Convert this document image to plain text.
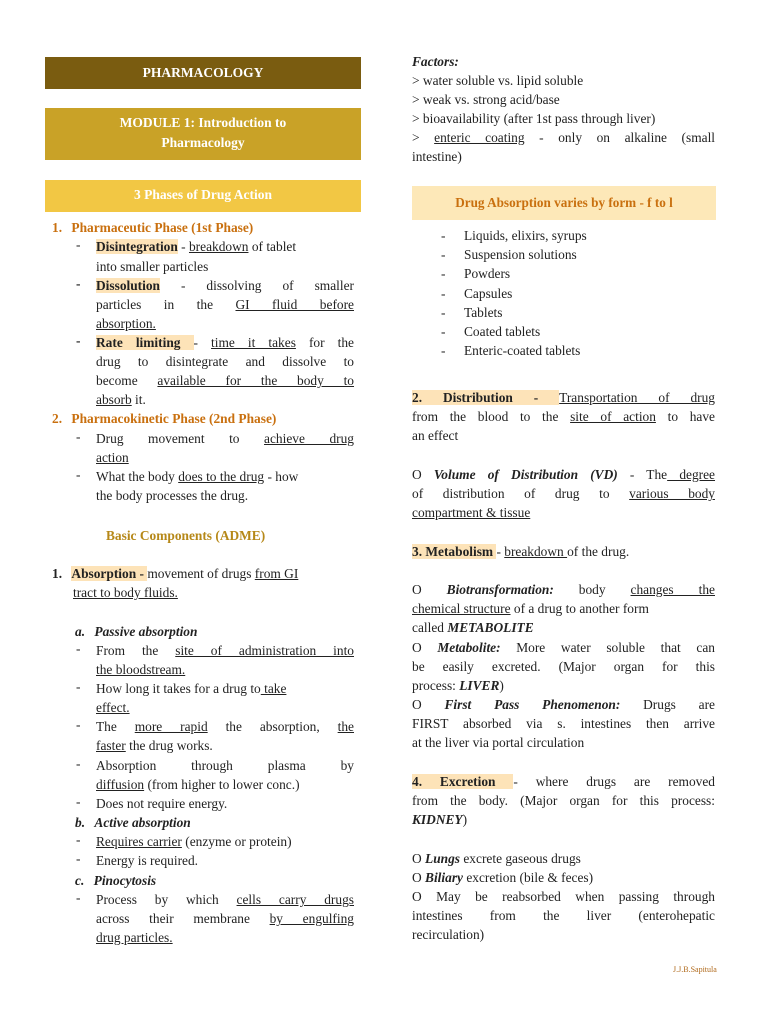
PHARMACOLOGY
MODULE 1: Introduction to
Pharmacology
3 Phases of Drug Action
1. Pharmaceutic Phase (1st Phase)
- Disintegration - breakdown of tablet
into smaller particles
- Dissolution - dissolving of smaller
particles in the GI fluid before
absorption.
- Rate limiting - time it takes for the
drug to disintegrate and dissolve to
become available for the body to
absorb it.
2. Pharmacokinetic Phase (2nd Phase)
- Drug movement to achieve drug
action
- What the body does to the drug - how
the body processes the drug.
Basic Components (ADME)
1. Absorption - movement of drugs from GI
tract to body fluids.
a. Passive absorption
- From the site of administration into
the bloodstream.
- How long it takes for a drug to take
effect.
- The more rapid the absorption, the
faster the drug works.
- Absorption through plasma by
diffusion (from higher to lower conc.)
- Does not require energy.
b. Active absorption
- Requires carrier (enzyme or protein)
- Energy is required.
c. Pinocytosis
- Process by which cells carry drugs
across their membrane by engulfing
drug particles.
Factors:
> water soluble vs. lipid soluble
> weak vs. strong acid/base
> bioavailability (after 1st pass through liver)
> enteric coating - only on alkaline (small
intestine)
Drug Absorption varies by form - f to l
- Liquids, elixirs, syrups
- Suspension solutions
- Powders
- Capsules
- Tablets
- Coated tablets
- Enteric-coated tablets
2. Distribution - Transportation of drug
from the blood to the site of action to have
an effect
O Volume of Distribution (VD) - The degree
of distribution of drug to various body
compartment & tissue
3. Metabolism - breakdown of the drug.
O Biotransformation: body changes the
chemical structure of a drug to another form
called METABOLITE
O Metabolite: More water soluble that can
be easily excreted. (Major organ for this
process: LIVER)
O First Pass Phenomenon: Drugs are
FIRST absorbed via s. intestines then arrive
at the liver via portal circulation
4. Excretion - where drugs are removed
from the body. (Major organ for this process:
KIDNEY)
O Lungs excrete gaseous drugs
O Biliary excretion (bile & feces)
O May be reabsorbed when passing through
intestines from the liver (enterohepatic
recirculation)
J.J.B.Sapitula
